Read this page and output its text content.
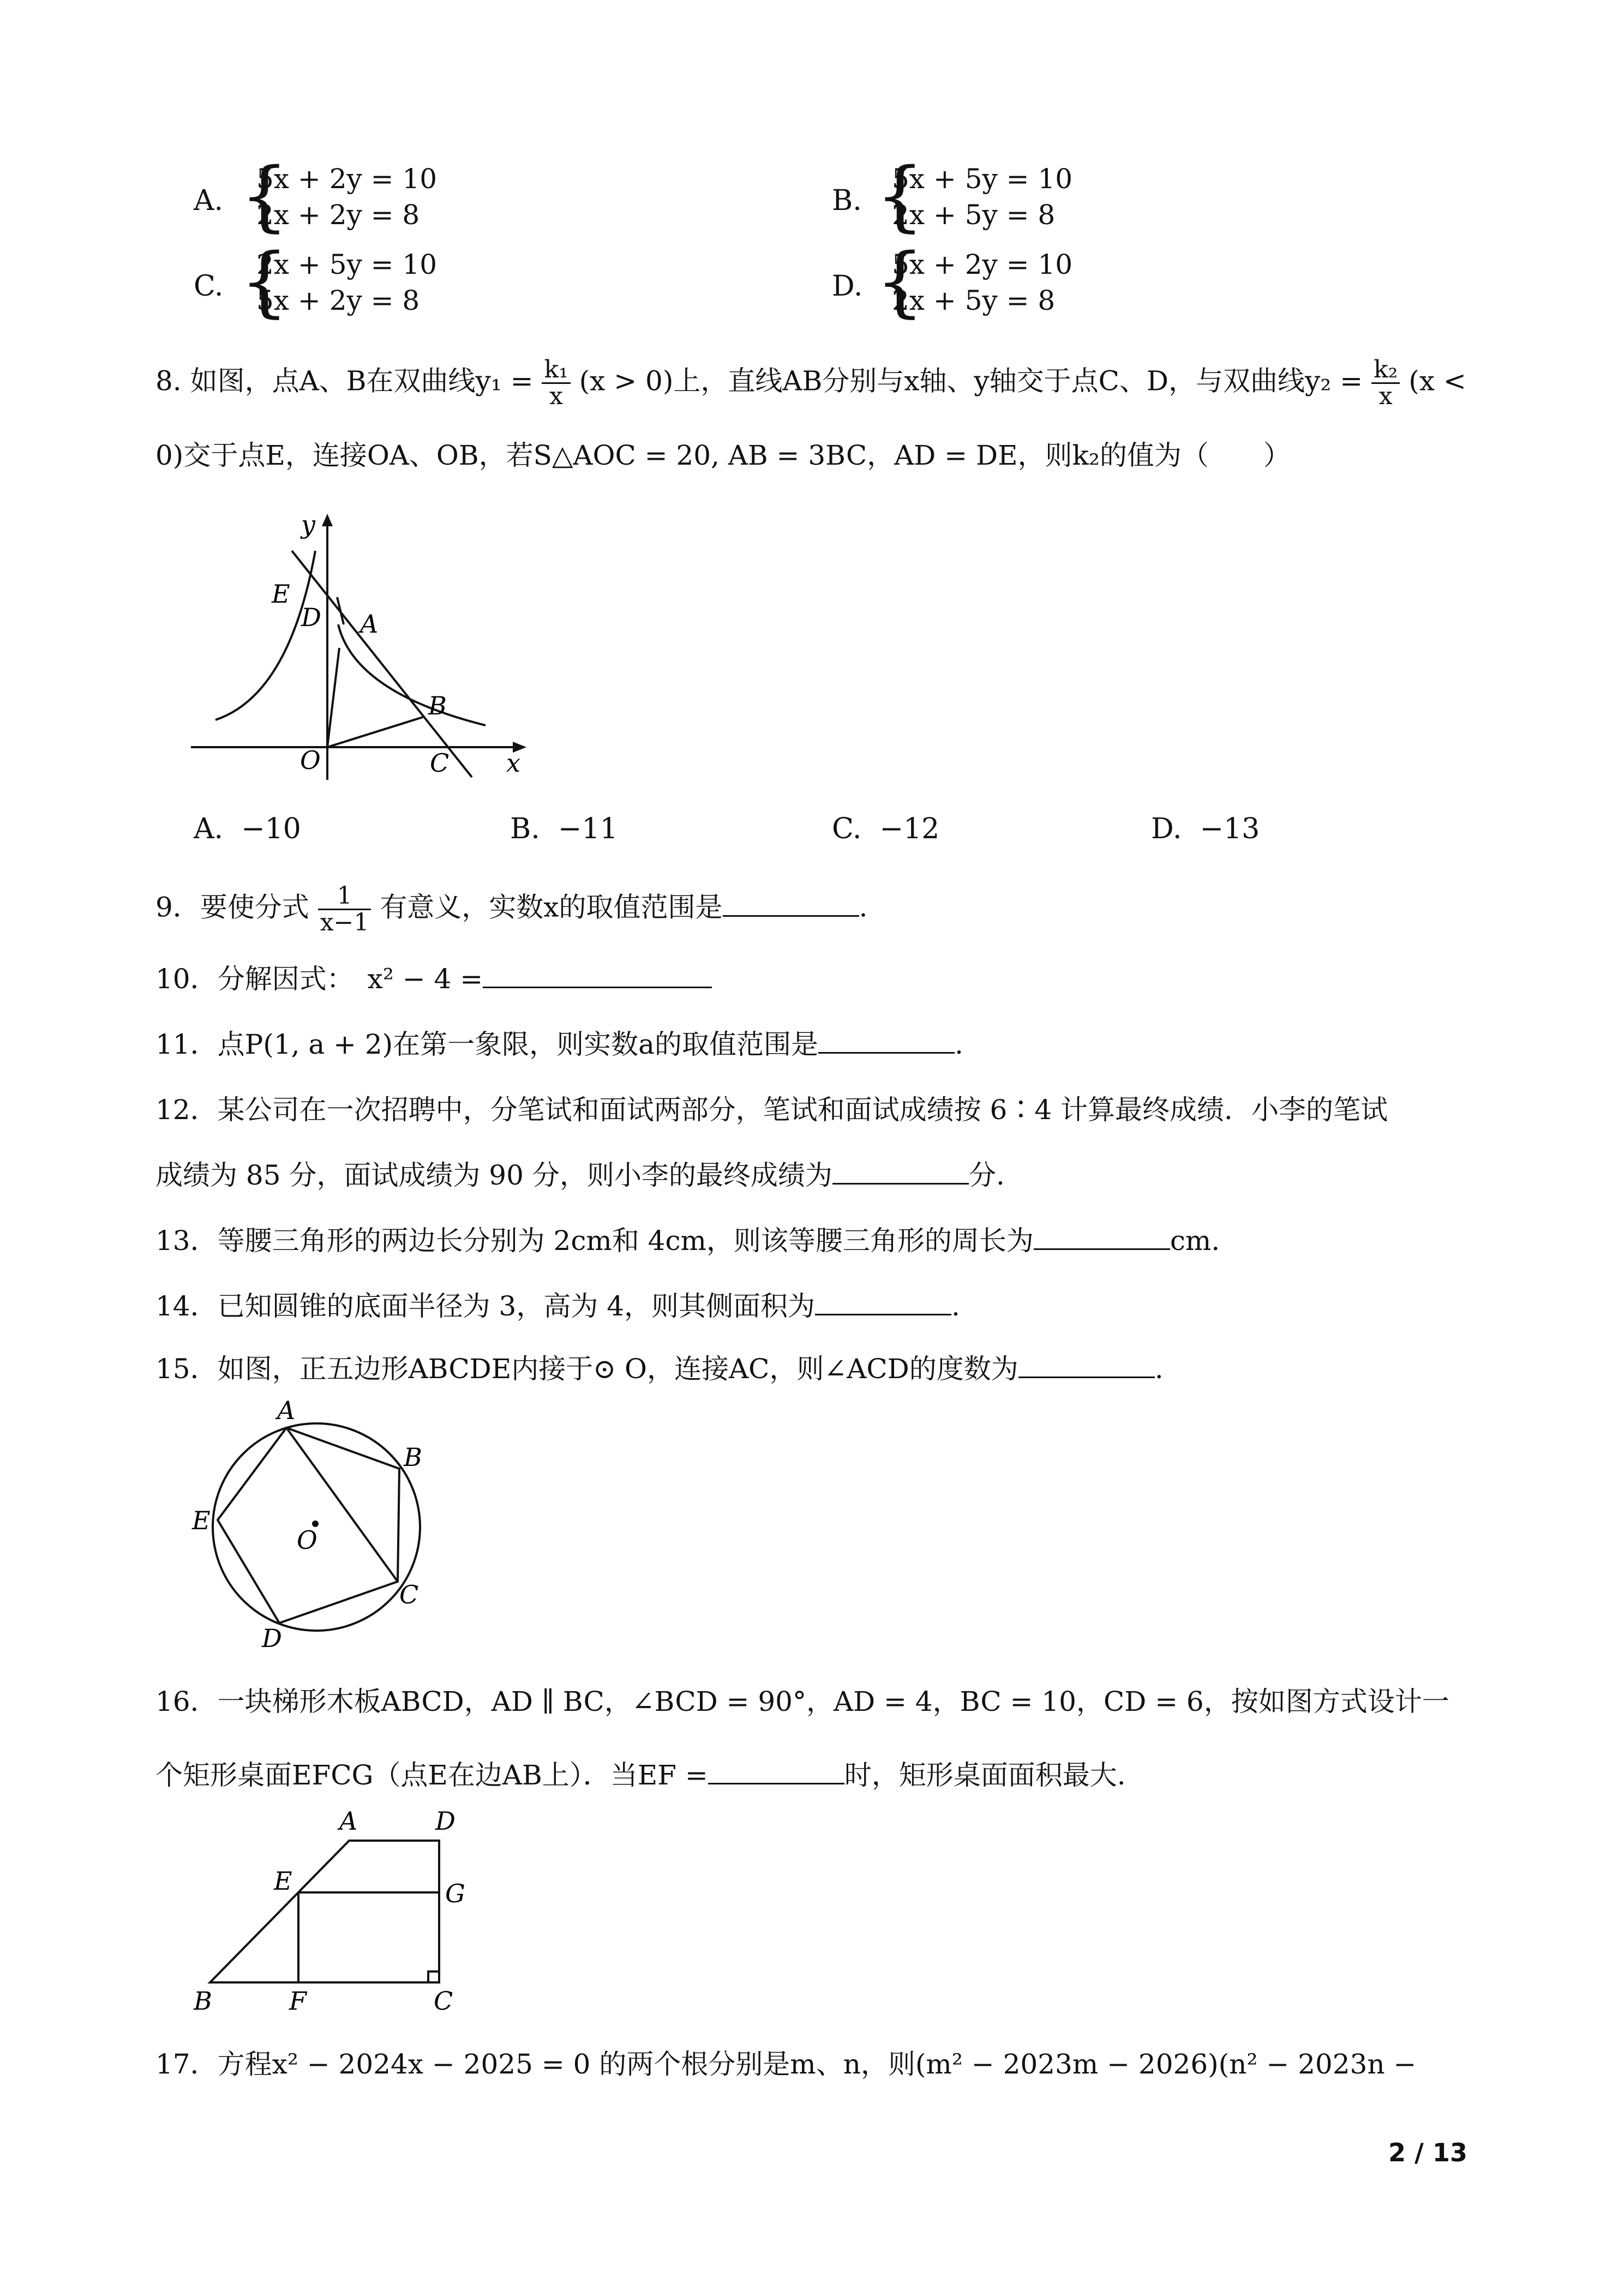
A. {
5x + 2y = 10
2x + 2y = 8	B. {
5x + 5y = 10
2x + 5y = 8
C. {
2x + 5y = 10
5x + 2y = 8	D. {
5x + 2y = 10
2x + 5y = 8
8. 如图，点A、B在双曲线$y_1 = \frac{\text{k₁}}{x} (x > 0)$上，直线AB分别与x轴、y轴交于点C、D，与双曲线$y_2 = \frac{\text{k₂}}{x} (x$ <
0)交于点E，连接OA、OB，若S△AOC = 20, AB = 3BC，AD = DE，则k₂的值为（　　）
y
x
E
D A
B
O	C
A. −10	B. −11	C. −12	D. −13
9．要使分式 $\frac{1}{x-1}$ 有意义，实数x的取值范围是	.
10．分解因式：　x² − 4 =
11．点P(1, a + 2)在第一象限，则实数a的取值范围是	.
12．某公司在一次招聘中，分笔试和面试两部分，笔试和面试成绩按 6∶4 计算最终成绩．小李的笔试
成绩为 85 分，面试成绩为 90 分，则小李的最终成绩为	分.
13．等腰三角形的两边长分别为 2cm和 4cm，则该等腰三角形的周长为	cm.
14．已知圆锥的底面半径为 3，高为 4，则其侧面积为	.
15．如图，正五边形ABCDE内接于⊙ O，连接AC，则∠ACD的度数为	.
A
B
C
D
E
O
16．一块梯形木板ABCD，AD ∥ BC，∠BCD = 90°，AD = 4，BC = 10，CD = 6，按如图方式设计一
个矩形桌面EFCG（点E在边AB上）．当EF =	时，矩形桌面面积最大.
A	D
E	G
B	F	C
17．方程x² − 2024x − 2025 = 0 的两个根分别是m、n，则(m² − 2023m − 2026)(n² − 2023n −
2 / 13
